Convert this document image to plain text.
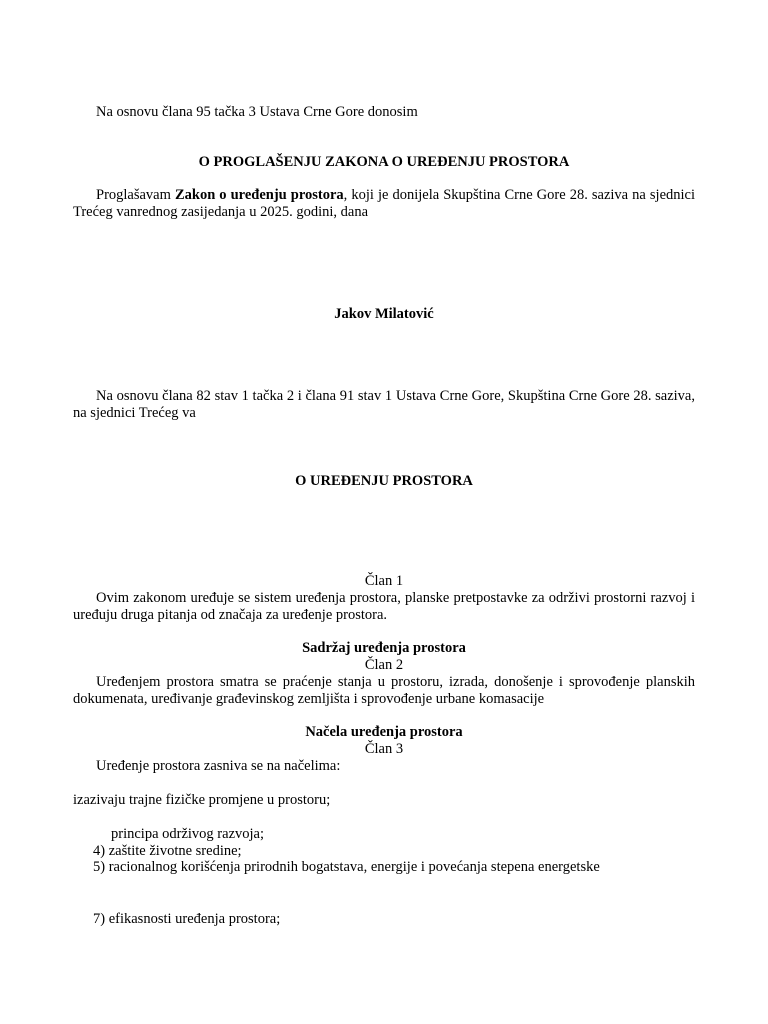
Na osnovu člana 95 tačka 3 Ustava Crne Gore donosim
O PROGLAŠENJU ZAKONA O UREĐENJU PROSTORA
Proglašavam Zakon o uređenju prostora, koji je donijela Skupština Crne Gore 28. saziva na sjednici Trećeg vanrednog zasijedanja u 2025. godini, dana
Jakov Milatović
Na osnovu člana 82 stav 1 tačka 2 i člana 91 stav 1 Ustava Crne Gore, Skupština Crne Gore 28. saziva, na sjednici Trećeg va
O UREĐENJU PROSTORA
Član 1
Ovim zakonom uređuje se sistem uređenja prostora, planske pretpostavke za održivi prostorni razvoj i uređuju druga pitanja od značaja za uređenje prostora.
Sadržaj uređenja prostora
Član 2
Uređenjem prostora smatra se praćenje stanja u prostoru, izrada, donošenje i sprovođenje planskih dokumenata, uređivanje građevinskog zemljišta i sprovođenje urbane komasacije
Načela uređenja prostora
Član 3
Uređenje prostora zasniva se na načelima:
izazivaju trajne fizičke promjene u prostoru;
principa održivog razvoja;
4) zaštite životne sredine;
5) racionalnog korišćenja prirodnih bogatstava, energije i povećanja stepena energetske
7) efikasnosti uređenja prostora;
